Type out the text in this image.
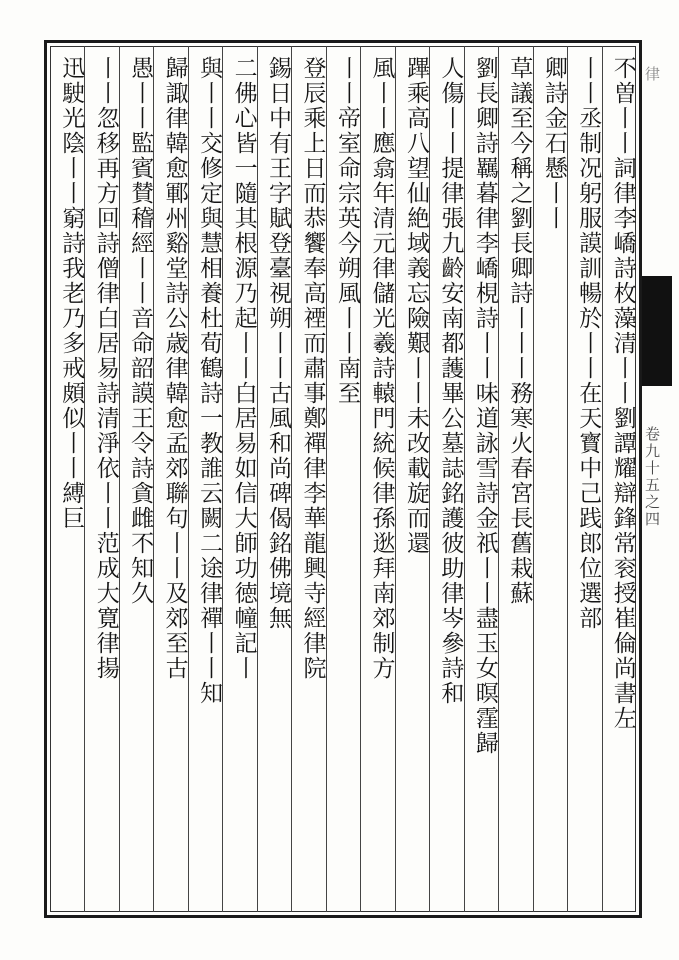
不曽丨丨詞律李嶠詩枚藻清丨丨劉譚耀辯鋒常衮授崔倫尚書左
丨丨丞制况躬服謨訓暢於丨丨在天寳中己践郎位選部
卿詩金石懸丨丨
草議至今稱之劉長卿詩丨丨丨務寒火春宮長舊栽蘇
劉長卿詩羈暮律李嶠梘詩丨丨味道詠雪詩金祇丨丨盡玉女暝䨟歸
人傷丨丨提律張九齡安南都䕶畢公墓誌銘護彼助律岑參詩和
蹕乘高八望仙絶域義忘險艱丨丨未改載旋而還
風丨丨應翕年清元律儲光羲詩轅門統候律孫逖拜南郊制方
丨丨帝室命宗英今朔風丨丨南至
登辰乘上日而恭饗奉高禋而肅事鄭禪律李華龍興寺經律院
錫日中有王字賦登臺視朔丨丨古風和尚碑偈銘佛境無
二佛心皆一隨其根源乃起丨丨白居易如信大師功徳幢記丨
與丨丨交修定與慧相養杜荀鶴詩一教誰云闕二途律禪丨丨知
歸諏律韓愈鄆州谿堂詩公歳律韓愈孟郊聯句丨丨及郊至古
愚丨丨監賓賛稽經丨丨音命韶謨王令詩貪雌不知久
丨丨忽移再方回詩僧律白居易詩清淨依丨丨范成大寛律揚
迅駛光陰丨丨窮詩我老乃多戒頗似丨丨縛巨	律
卷九十五之四
